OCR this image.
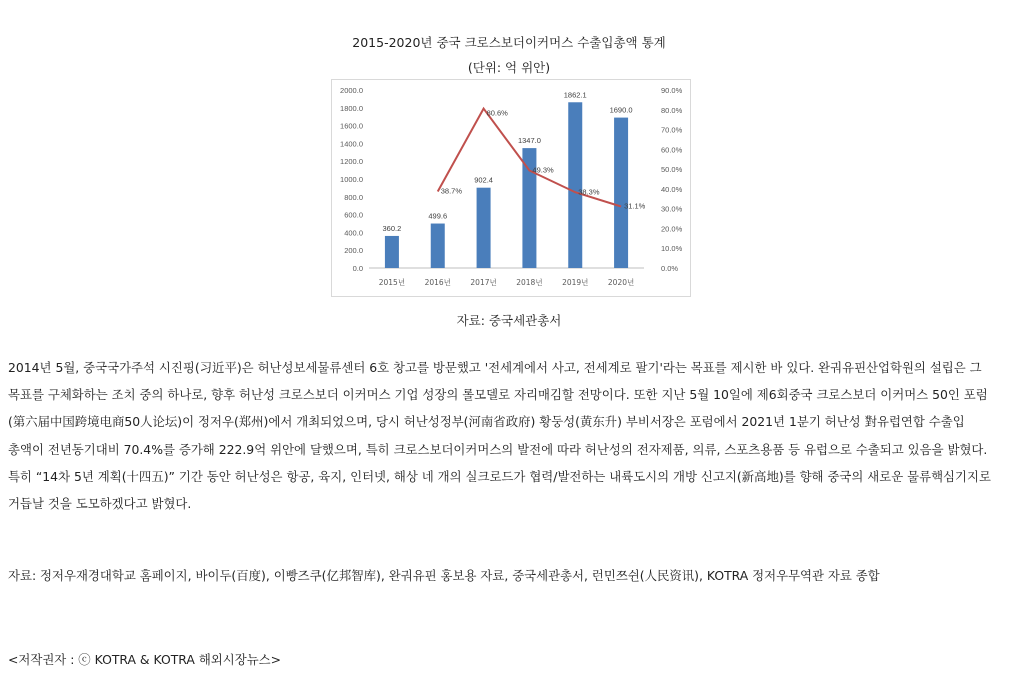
2015-2020년 중국 크로스보더이커머스 수출입총액 통계
(단위: 억 위안)
0.0
200.0
400.0
600.0
800.0
1000.0
1200.0
1400.0
1600.0
1800.0
2000.0
0.0%
10.0%
20.0%
30.0%
40.0%
50.0%
60.0%
70.0%
80.0%
90.0%
360.2
499.6
902.4
1347.0
1862.1
1690.0
2015년	2016년	2017년	2018년	2019년	2020년
38.7%
80.6%
49.3%
38.3%
31.1%
자료: 중국세관총서
2014년 5월, 중국국가주석 시진핑(习近平)은 허난성보세물류센터 6호 창고를 방문했고 '전세계에서 사고, 전세계로 팔기'라는 목표를 제시한 바 있다. 완궈유핀산업학원의 설립은 그
목표를 구체화하는 조치 중의 하나로, 향후 허난성 크로스보더 이커머스 기업 성장의 롤모델로 자리매김할 전망이다. 또한 지난 5월 10일에 제6회중국 크로스보더 이커머스 50인 포럼
(第六届中国跨境电商50人论坛)이 정저우(郑州)에서 개최되었으며, 당시 허난성정부(河南省政府) 황둥성(黄东升) 부비서장은 포럼에서 2021년 1분기 허난성 對유럽연합 수출입
총액이 전년동기대비 70.4%를 증가해 222.9억 위안에 달했으며, 특히 크로스보더이커머스의 발전에 따라 허난성의 전자제품, 의류, 스포츠용품 등 유럽으로 수출되고 있음을 밝혔다.
특히 “14차 5년 계획(十四五)” 기간 동안 허난성은 항공, 육지, 인터넷, 해상 네 개의 실크로드가 협력/발전하는 내륙도시의 개방 신고지(新高地)를 향해 중국의 새로운 물류핵심기지로
거듭날 것을 도모하겠다고 밝혔다.
자료: 정저우재경대학교 홈페이지, 바이두(百度), 이빵즈쿠(亿邦智库), 완궈유핀 홍보용 자료, 중국세관총서, 런민쯔쉰(人民资讯), KOTRA 정저우무역관 자료 종합
<저작권자 : ⓒ KOTRA & KOTRA 해외시장뉴스>
